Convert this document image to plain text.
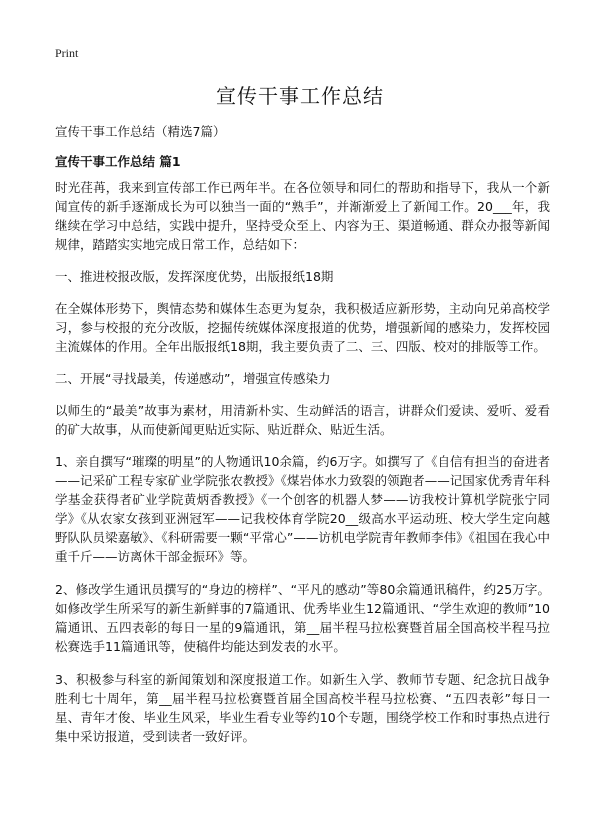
Print
宣传干事工作总结

宣传干事工作总结（精选7篇）

宣传干事工作总结 篇1

时光荏苒，我来到宣传部工作已两年半。在各位领导和同仁的帮助和指导下，我从一个新闻宣传的新手逐渐成长为可以独当一面的“熟手”，并渐渐爱上了新闻工作。20___年，我继续在学习中总结，实践中提升，坚持受众至上、内容为王、渠道畅通、群众办报等新闻规律，踏踏实实地完成日常工作，总结如下：

一、推进校报改版，发挥深度优势，出版报纸18期

在全媒体形势下，舆情态势和媒体生态更为复杂，我积极适应新形势，主动向兄弟高校学习，参与校报的充分改版，挖掘传统媒体深度报道的优势，增强新闻的感染力，发挥校园主流媒体的作用。全年出版报纸18期，我主要负责了二、三、四版、校对的排版等工作。

二、开展“寻找最美，传递感动”，增强宣传感染力

以师生的“最美”故事为素材，用清新朴实、生动鲜活的语言，讲群众们爱读、爱听、爱看的矿大故事，从而使新闻更贴近实际、贴近群众、贴近生活。

1、亲自撰写“璀璨的明星”的人物通讯10余篇，约6万字。如撰写了《自信有担当的奋进者——记采矿工程专家矿业学院张农教授》《煤岩体水力致裂的领跑者——记国家优秀青年科学基金获得者矿业学院黄炳香教授》《一个创客的机器人梦——访我校计算机学院张宁同学》《从农家女孩到亚洲冠军——记我校体育学院20__级高水平运动班、校大学生定向越野队队员梁嘉敏》、《科研需要一颗“平常心”——访机电学院青年教师李伟》《祖国在我心中重千斤——访离休干部金振环》等。

2、修改学生通讯员撰写的“身边的榜样”、“平凡的感动”等80余篇通讯稿件，约25万字。如修改学生所采写的新生新鲜事的7篇通讯、优秀毕业生12篇通讯、“学生欢迎的教师”10篇通讯、五四表彰的每日一星的9篇通讯，第__届半程马拉松赛暨首届全国高校半程马拉松赛选手11篇通讯等，使稿件均能达到发表的水平。

3、积极参与科室的新闻策划和深度报道工作。如新生入学、教师节专题、纪念抗日战争胜利七十周年，第__届半程马拉松赛暨首届全国高校半程马拉松赛、“五四表彰”每日一星、青年才俊、毕业生风采，毕业生看专业等约10个专题，围绕学校工作和时事热点进行集中采访报道，受到读者一致好评。
